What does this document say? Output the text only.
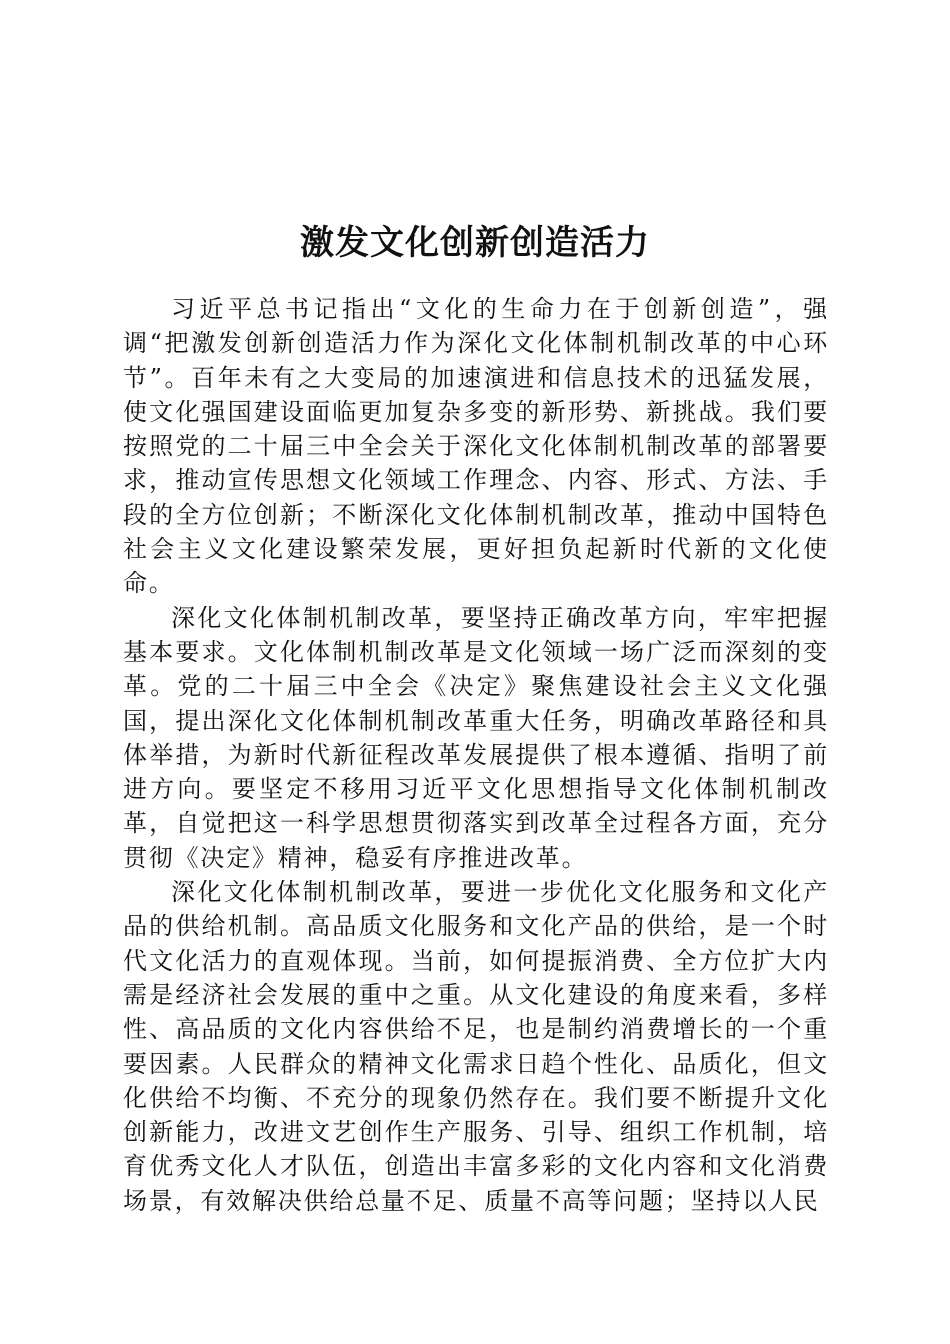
激发文化创新创造活力

习近平总书记指出“文化的生命力在于创新创造”，强调“把激发创新创造活力作为深化文化体制机制改革的中心环节”。百年未有之大变局的加速演进和信息技术的迅猛发展，使文化强国建设面临更加复杂多变的新形势、新挑战。我们要按照党的二十届三中全会关于深化文化体制机制改革的部署要求，推动宣传思想文化领域工作理念、内容、形式、方法、手段的全方位创新；不断深化文化体制机制改革，推动中国特色社会主义文化建设繁荣发展，更好担负起新时代新的文化使命。

深化文化体制机制改革，要坚持正确改革方向，牢牢把握基本要求。文化体制机制改革是文化领域一场广泛而深刻的变革。党的二十届三中全会《决定》聚焦建设社会主义文化强国，提出深化文化体制机制改革重大任务，明确改革路径和具体举措，为新时代新征程改革发展提供了根本遵循、指明了前进方向。要坚定不移用习近平文化思想指导文化体制机制改革，自觉把这一科学思想贯彻落实到改革全过程各方面，充分贯彻《决定》精神，稳妥有序推进改革。

深化文化体制机制改革，要进一步优化文化服务和文化产品的供给机制。高品质文化服务和文化产品的供给，是一个时代文化活力的直观体现。当前，如何提振消费、全方位扩大内需是经济社会发展的重中之重。从文化建设的角度来看，多样性、高品质的文化内容供给不足，也是制约消费增长的一个重要因素。人民群众的精神文化需求日趋个性化、品质化，但文化供给不均衡、不充分的现象仍然存在。我们要不断提升文化创新能力，改进文艺创作生产服务、引导、组织工作机制，培育优秀文化人才队伍，创造出丰富多彩的文化内容和文化消费场景，有效解决供给总量不足、质量不高等问题；坚持以人民
